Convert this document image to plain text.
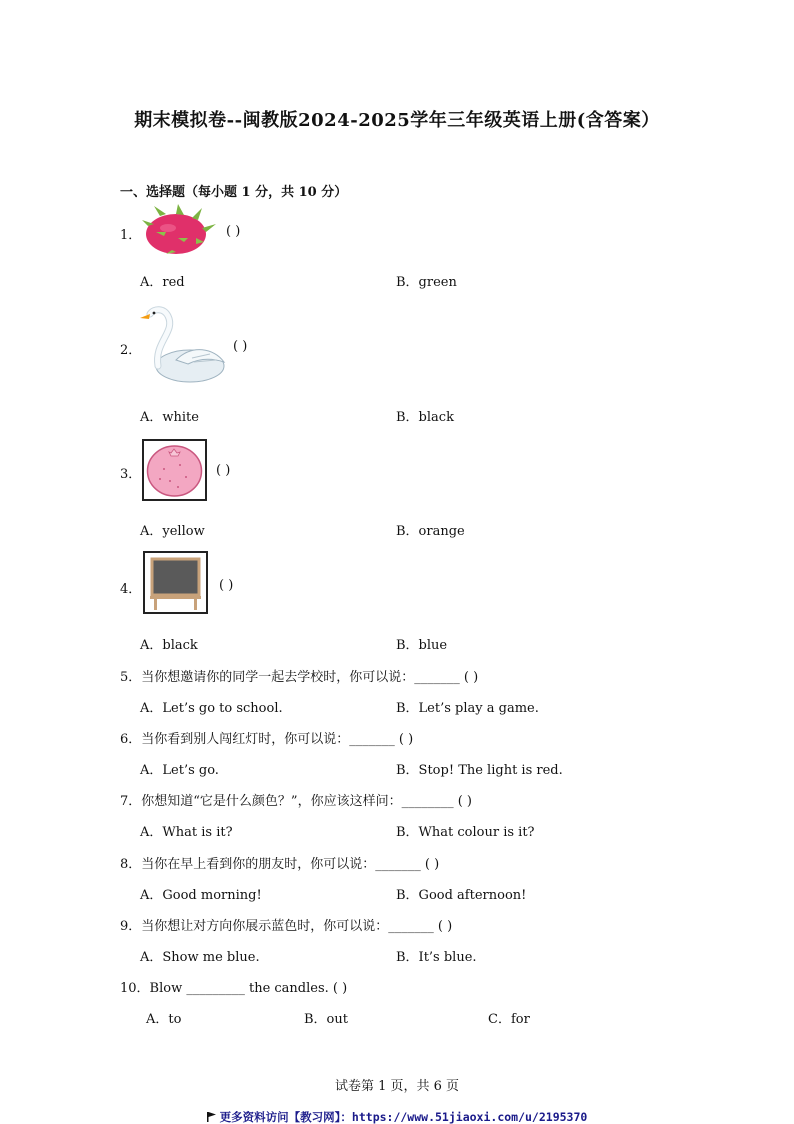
期末模拟卷--闽教版2024-2025学年三年级英语上册(含答案）
一、选择题（每小题 1 分，共 10 分）
1．	( )
A．red	B．green
2．	( )
A．white	B．black
3．	( )
A．yellow	B．orange
4．	( )
A．black	B．blue
5．当你想邀请你的同学一起去学校时，你可以说：_______ ( )
A．Let’s go to school.	B．Let’s play a game.
6．当你看到别人闯红灯时，你可以说：_______ ( )
A．Let’s go.	B．Stop! The light is red.
7．你想知道“它是什么颜色？”，你应该这样问：________ ( )
A．What is it?	B．What colour is it?
8．当你在早上看到你的朋友时，你可以说：_______ ( )
A．Good morning!	B．Good afternoon!
9．当你想让对方向你展示蓝色时，你可以说：_______ ( )
A．Show me blue.	B．It’s blue.
10．Blow _________ the candles. ( )
A．to	B．out	C．for
试卷第 1 页，共 6 页
更多资料访问【教习网】：https://www.51jiaoxi.com/u/2195370
